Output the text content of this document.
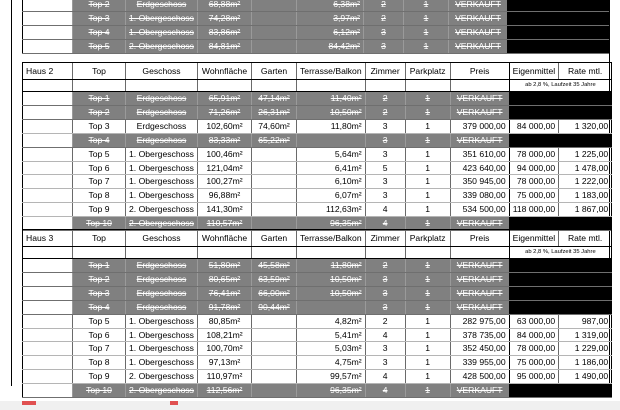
	Top 2	Erdgeschoss	68,88m²		6,38m²	2	1	VERKAUFT		
	Top 3	1. Obergeschoss	74,28m²		3,97m²	2	1	VERKAUFT		
	Top 4	1. Obergeschoss	83,86m²		6,12m²	3	1	VERKAUFT		
	Top 5	2. Obergeschoss	84,81m²		84,42m²	3	1	VERKAUFT		
Haus 2	Top	Geschoss	Wohnfläche	Garten	Terrasse/Balkon	Zimmer	Parkplatz	Preis	Eigenmittel	Rate mtl.
									ab 2,8 %, Laufzeit 35 Jahre	
	Top 1	Erdgeschoss	65,91m²	47,14m²	11,40m²	2	1	VERKAUFT		
	Top 2	Erdgeschoss	71,26m²	26,31m²	10,50m²	2	1	VERKAUFT		
	Top 3	Erdgeschoss	102,60m²	74,60m²	11,80m²	3	1	379 000,00	84 000,00	1 320,00
	Top 4	Erdgeschoss	83,33m²	65,22m²		3	1	VERKAUFT		
	Top 5	1. Obergeschoss	100,46m²		5,64m²	3	1	351 610,00	78 000,00	1 225,00
	Top 6	1. Obergeschoss	121,04m²		6,41m²	5	1	423 640,00	94 000,00	1 478,00
	Top 7	1. Obergeschoss	100,27m²		6,10m²	3	1	350 945,00	78 000,00	1 222,00
	Top 8	1. Obergeschoss	96,88m²		6,07m²	3	1	339 080,00	75 000,00	1 183,00
	Top 9	2. Obergeschoss	141,30m²		112,63m²	4	1	534 500,00	118 000,00	1 867,00
	Top 10	2. Obergeschoss	110,57m²		96,35m²	4	1	VERKAUFT		
Haus 3	Top	Geschoss	Wohnfläche	Garten	Terrasse/Balkon	Zimmer	Parkplatz	Preis	Eigenmittel	Rate mtl.
									ab 2,8 %, Laufzeit 35 Jahre	
	Top 1	Erdgeschoss	51,80m²	45,58m²	11,80m²	2	1	VERKAUFT		
	Top 2	Erdgeschoss	80,65m²	63,59m²	10,50m²	3	1	VERKAUFT		
	Top 3	Erdgeschoss	76,41m²	66,00m²	10,50m²	3	1	VERKAUFT		
	Top 4	Erdgeschoss	91,78m²	90,44m²		3	1	VERKAUFT		
	Top 5	1. Obergeschoss	80,85m²		4,82m²	2	1	282 975,00	63 000,00	987,00
	Top 6	1. Obergeschoss	108,21m²		5,41m²	4	1	378 735,00	84 000,00	1 319,00
	Top 7	1. Obergeschoss	100,70m²		5,03m²	3	1	352 450,00	78 000,00	1 229,00
	Top 8	1. Obergeschoss	97,13m²		4,75m²	3	1	339 955,00	75 000,00	1 186,00
	Top 9	2. Obergeschoss	110,97m²		99,57m²	4	1	428 500,00	95 000,00	1 490,00
	Top 10	2. Obergeschoss	112,56m²		96,35m²	4	1	VERKAUFT		
